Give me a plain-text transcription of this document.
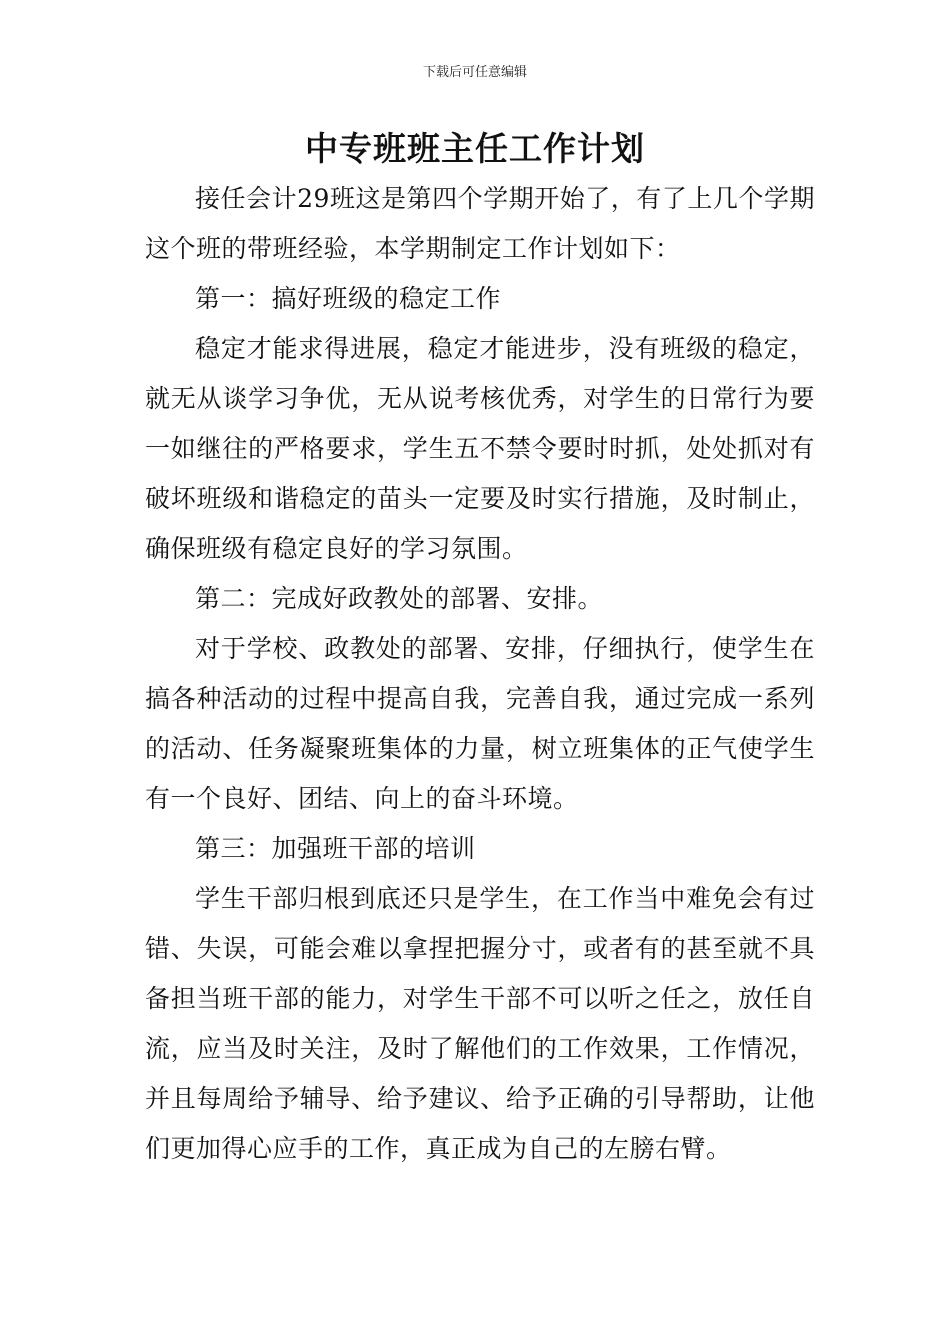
下载后可任意编辑
中专班班主任工作计划

接任会计29班这是第四个学期开始了，有了上几个学期这个班的带班经验，本学期制定工作计划如下：

第一：搞好班级的稳定工作

稳定才能求得进展，稳定才能进步，没有班级的稳定，就无从谈学习争优，无从说考核优秀，对学生的日常行为要一如继往的严格要求，学生五不禁令要时时抓，处处抓对有破坏班级和谐稳定的苗头一定要及时实行措施，及时制止，确保班级有稳定良好的学习氛围。

第二：完成好政教处的部署、安排。

对于学校、政教处的部署、安排，仔细执行，使学生在搞各种活动的过程中提高自我，完善自我，通过完成一系列的活动、任务凝聚班集体的力量，树立班集体的正气使学生有一个良好、团结、向上的奋斗环境。

第三：加强班干部的培训

学生干部归根到底还只是学生，在工作当中难免会有过错、失误，可能会难以拿捏把握分寸，或者有的甚至就不具备担当班干部的能力，对学生干部不可以听之任之，放任自流，应当及时关注，及时了解他们的工作效果，工作情况，并且每周给予辅导、给予建议、给予正确的引导帮助，让他们更加得心应手的工作，真正成为自己的左膀右臂。
